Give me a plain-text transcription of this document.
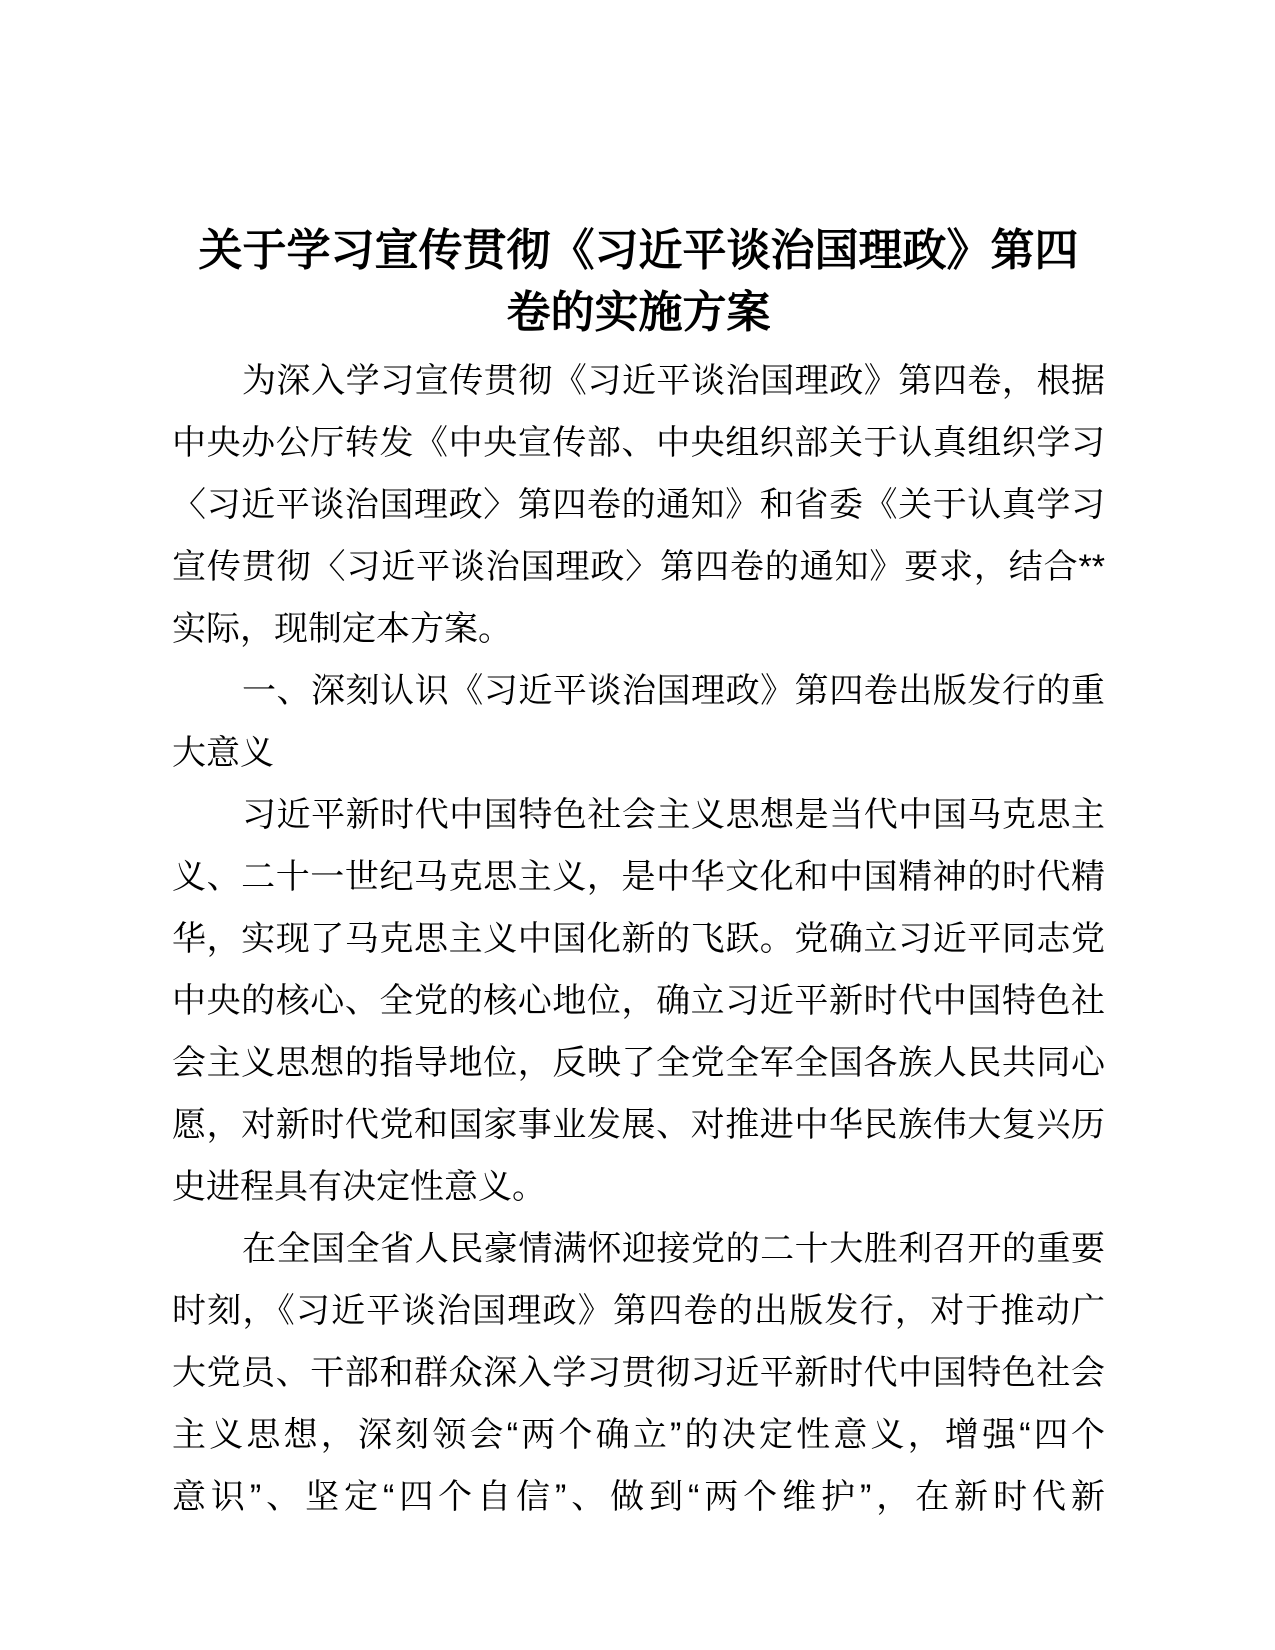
关于学习宣传贯彻《习近平谈治国理政》第四
卷的实施方案
为深入学习宣传贯彻《习近平谈治国理政》第四卷，根据
中央办公厅转发《中央宣传部、中央组织部关于认真组织学习
〈习近平谈治国理政〉第四卷的通知》和省委《关于认真学习
宣传贯彻〈习近平谈治国理政〉第四卷的通知》要求，结合**
实际，现制定本方案。
一、深刻认识《习近平谈治国理政》第四卷出版发行的重
大意义
习近平新时代中国特色社会主义思想是当代中国马克思主
义、二十一世纪马克思主义，是中华文化和中国精神的时代精
华，实现了马克思主义中国化新的飞跃。党确立习近平同志党
中央的核心、全党的核心地位，确立习近平新时代中国特色社
会主义思想的指导地位，反映了全党全军全国各族人民共同心
愿，对新时代党和国家事业发展、对推进中华民族伟大复兴历
史进程具有决定性意义。
在全国全省人民豪情满怀迎接党的二十大胜利召开的重要
时刻，《习近平谈治国理政》第四卷的出版发行，对于推动广
大党员、干部和群众深入学习贯彻习近平新时代中国特色社会
主义思想，深刻领会“两个确立”的决定性意义，增强“四个
意识”、坚定“四个自信”、做到“两个维护”，在新时代新
